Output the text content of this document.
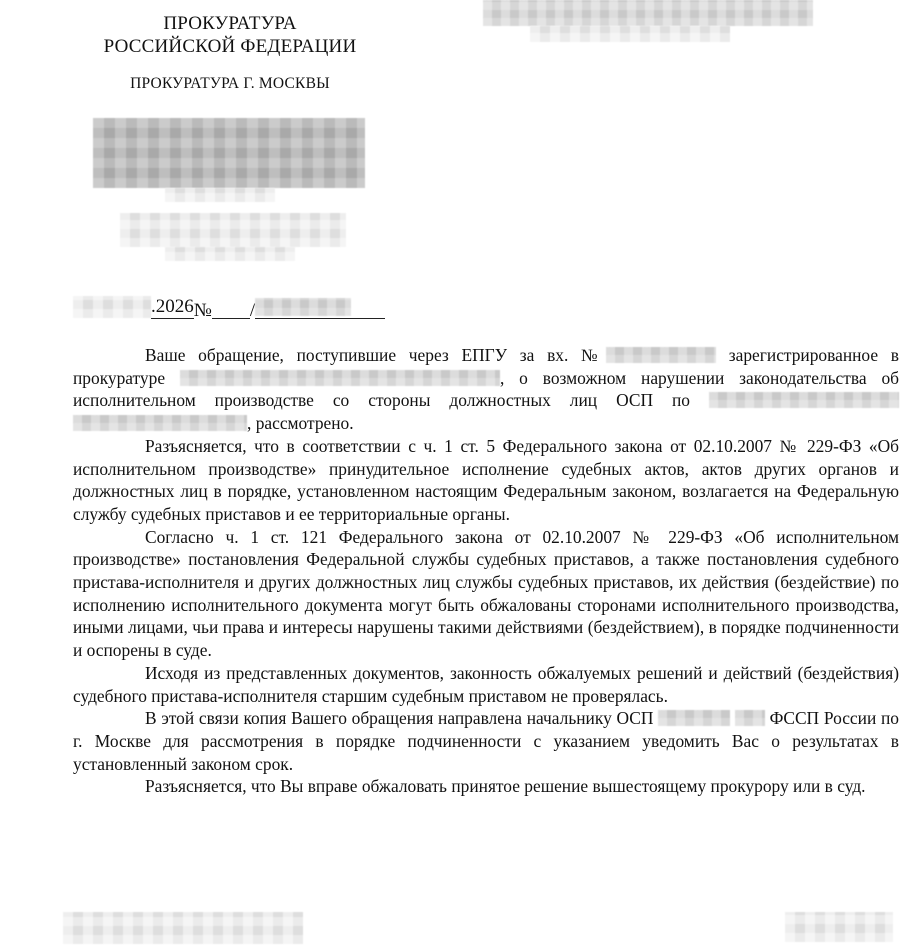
ПРОКУРАТУРА
РОССИЙСКОЙ ФЕДЕРАЦИИ
ПРОКУРАТУРА Г. МОСКВЫ
.2026№ /

Ваше обращение, поступившие через ЕПГУ за вх. №	зарегистрированное в прокуратуре	, о возможном нарушении законодательства об исполнительном производстве со стороны должностных лиц ОСП по  , рассмотрено.

Разъясняется, что в соответствии с ч. 1 ст. 5 Федерального закона от 02.10.2007 № 229-ФЗ «Об исполнительном производстве» принудительное исполнение судебных актов, актов других органов и должностных лиц в порядке, установленном настоящим Федеральным законом, возлагается на Федеральную службу судебных приставов и ее территориальные органы.

Согласно ч. 1 ст. 121 Федерального закона от 02.10.2007 № 229-ФЗ «Об исполнительном производстве» постановления Федеральной службы судебных приставов, а также постановления судебного пристава-исполнителя и других должностных лиц службы судебных приставов, их действия (бездействие) по исполнению исполнительного документа могут быть обжалованы сторонами исполнительного производства, иными лицами, чьи права и интересы нарушены такими действиями (бездействием), в порядке подчиненности и оспорены в суде.

Исходя из представленных документов, законность обжалуемых решений и действий (бездействия) судебного пристава-исполнителя старшим судебным приставом не проверялась.

В этой связи копия Вашего обращения направлена начальнику ОСП	ФССП России по г. Москве для рассмотрения в порядке подчиненности с указанием уведомить Вас о результатах в установленный законом срок.

Разъясняется, что Вы вправе обжаловать принятое решение вышестоящему прокурору или в суд.
